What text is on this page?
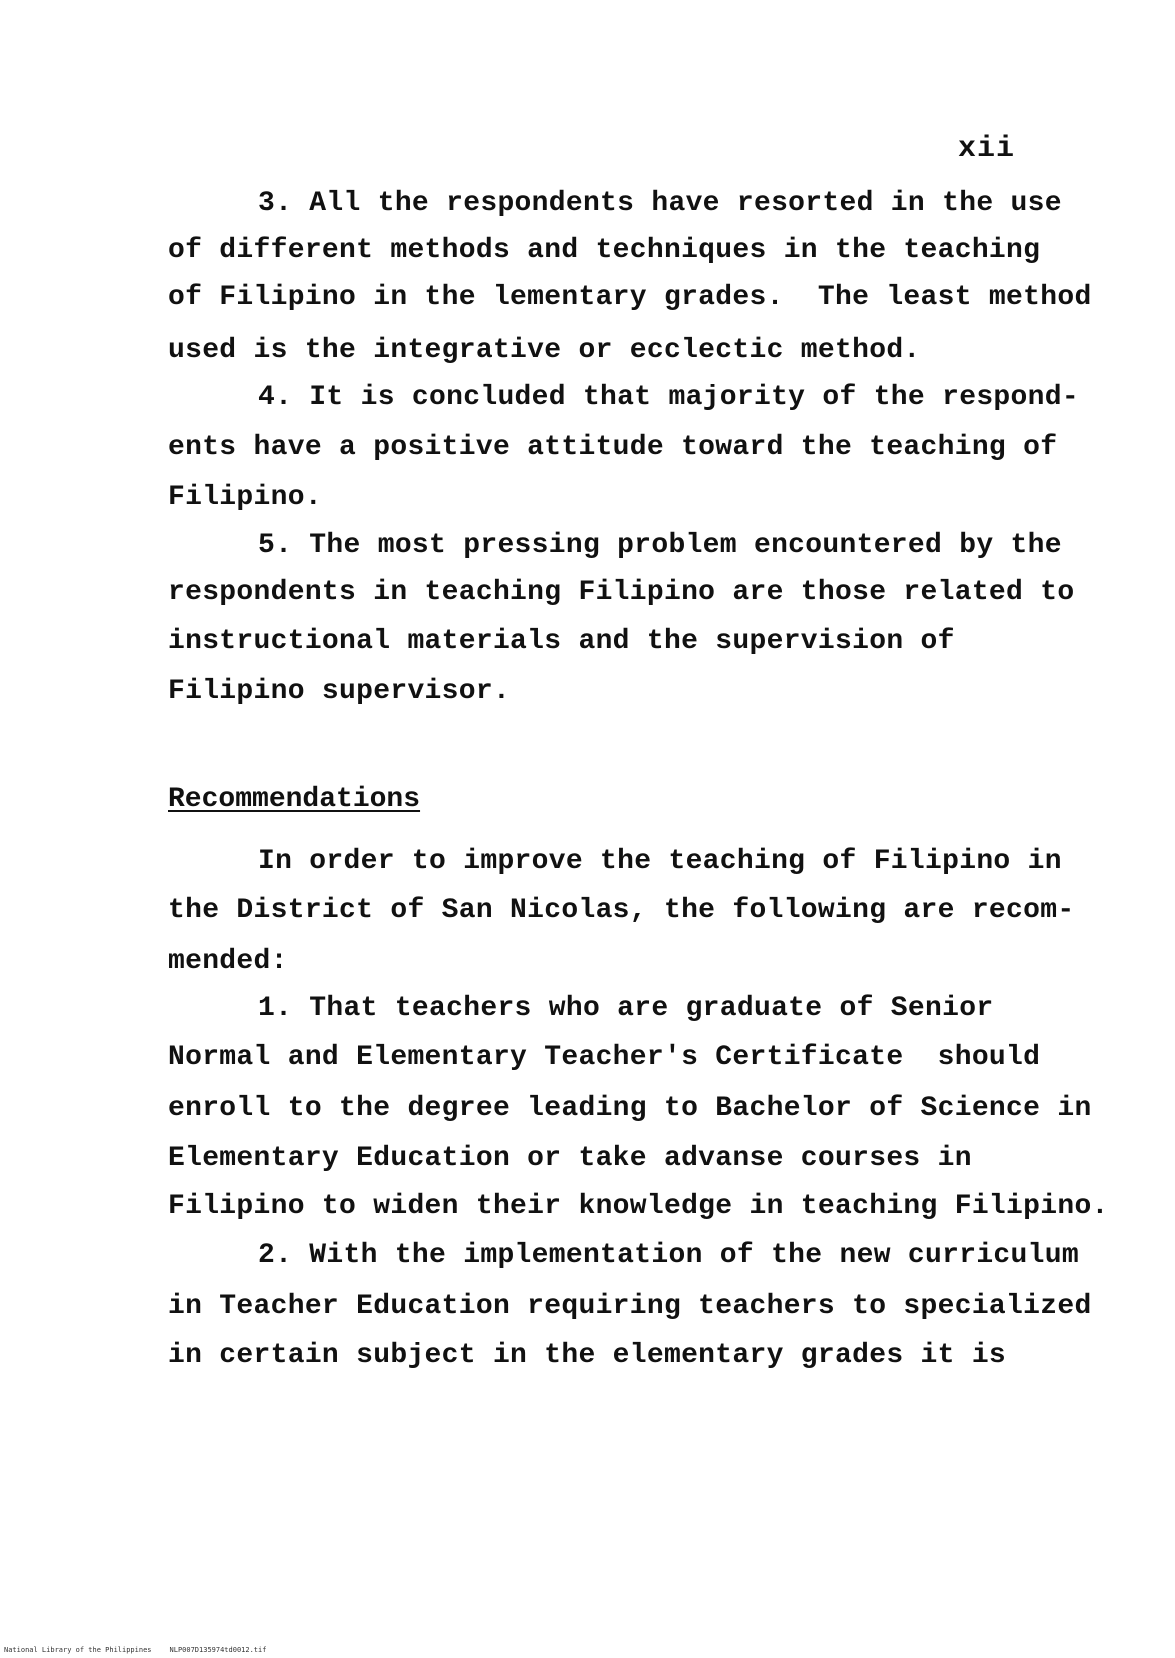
xii
3. All the respondents have resorted in the use
of different methods and techniques in the teaching
of Filipino in the lementary grades.  The least method
used is the integrative or ecclectic method.
4. It is concluded that majority of the respond-
ents have a positive attitude toward the teaching of
Filipino.
5. The most pressing problem encountered by the
respondents in teaching Filipino are those related to
instructional materials and the supervision of
Filipino supervisor.
Recommendations
In order to improve the teaching of Filipino in
the District of San Nicolas, the following are recom-
mended:
1. That teachers who are graduate of Senior
Normal and Elementary Teacher's Certificate  should
enroll to the degree leading to Bachelor of Science in
Elementary Education or take advanse courses in
Filipino to widen their knowledge in teaching Filipino.
2. With the implementation of the new curriculum
in Teacher Education requiring teachers to specialized
in certain subject in the elementary grades it is
National Library of the Philippines	NLP007D135974td0012.tif
